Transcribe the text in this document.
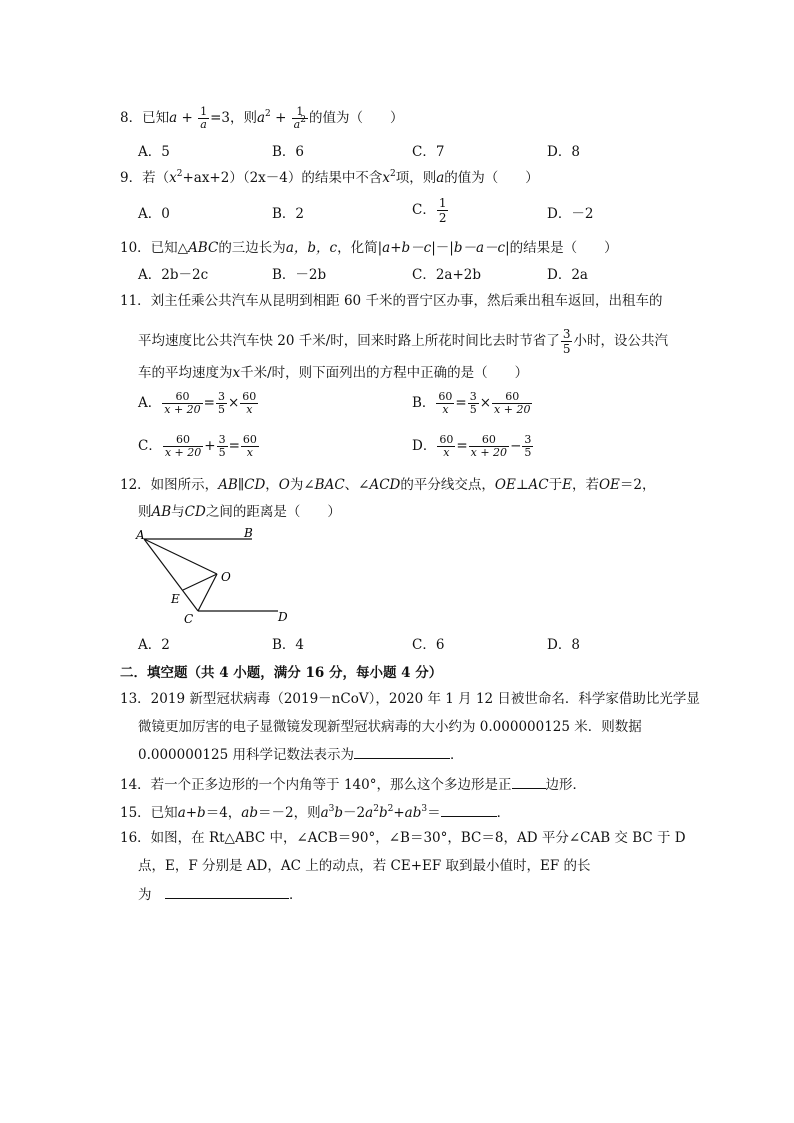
8．已知$a + \frac{1}{a} =3$，则$a^2 + \frac{1}{a^2}$ 的值为（　　）
A．5	B．6	C．7	D．8
9．若$(x^2+ax+2)(2x-4)$的结果中不含$x^2$项，则a的值为（　　）
A．0	B．2	C． $\frac{1}{2}$	D．－2
10．已知△ABC的三边长为a，b，c，化简|a+b－c|－|b－a－c|的结果是（　　）
A．2b－2c	B．－2b	C．2a+2b	D．2a
11．刘主任乘公共汽车从昆明到相距 60 千米的晋宁区办事，然后乘出租车返回，出租车的
平均速度比公共汽车快 20 千米/时，回来时路上所花时间比去时节省了 $\frac{3}{5}$ 小时，设公共汽
车的平均速度为x千米/时，则下面列出的方程中正确的是（　　）
A． $\frac{60}{x + 20} = \frac{3}{5} \times \frac{60}{x}$	B． $\frac{60}{x} = \frac{3}{5} \times \frac{60}{x + 20}$
C． $\frac{60}{x + 20} + \frac{3}{5} = \frac{60}{x}$	D． $\frac{60}{x} = \frac{60}{x + 20} - \frac{3}{5}$
12．如图所示，AB∥CD，O为∠BAC、∠ACD的平分线交点，OE⊥AC于E，若OE＝2，
则AB与CD之间的距离是（　　）
A	B
O
E
C	D
A．2	B．4	C．6	D．8
二．填空题（共 4 小题，满分 16 分，每小题 4 分）
13．2019 新型冠状病毒（2019－nCoV），2020 年 1 月 12 日被世命名．科学家借助比光学显
微镜更加厉害的电子显微镜发现新型冠状病毒的大小约为 0.000000125 米．则数据
0.000000125 用科学记数法表示为	．
14．若一个正多边形的一个内角等于 140°，那么这个多边形是正	边形．
15．已知a+b＝4，ab＝－2，则$a^3b-2a^2b^2+ab^3=$	．
16．如图，在 Rt△ABC 中，∠ACB＝90°，∠B＝30°，BC＝8，AD 平分∠CAB 交 BC 于 D
点，E，F 分别是 AD，AC 上的动点，若 CE+EF 取到最小值时，EF 的长
为　	．
